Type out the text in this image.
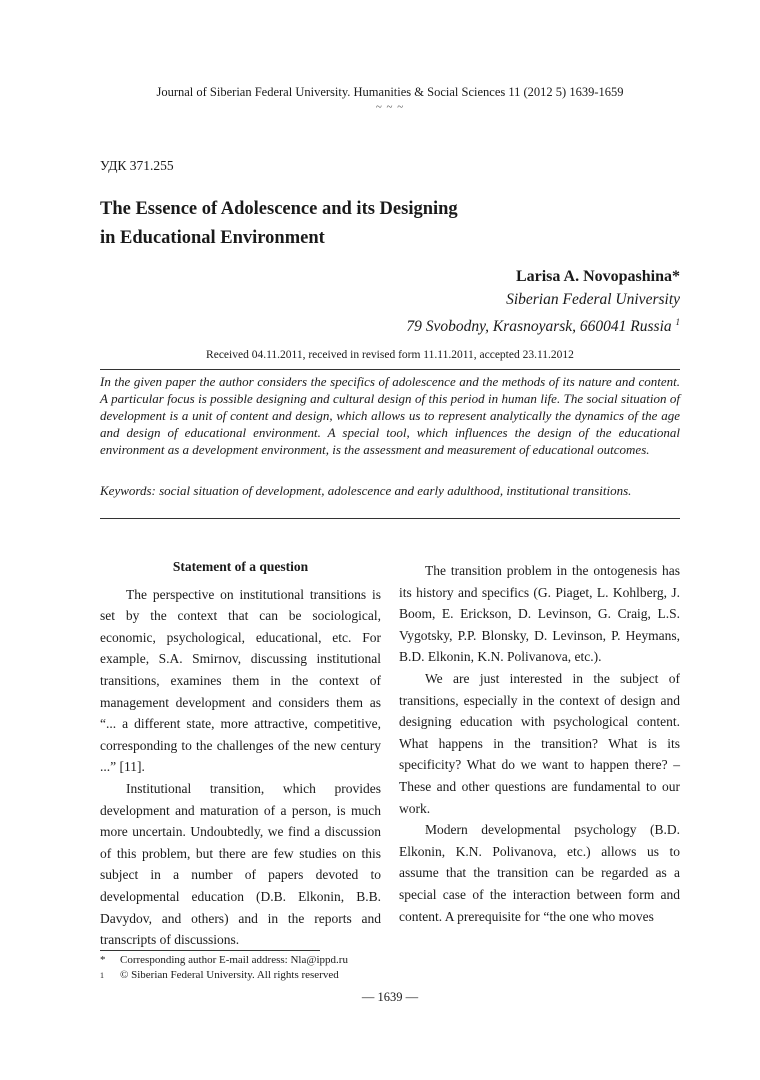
Journal of Siberian Federal University. Humanities & Social Sciences 11 (2012 5) 1639-1659
~ ~ ~
УДК 371.255
The Essence of Adolescence and its Designing
in Educational Environment
Larisa A. Novopashina*
Siberian Federal University
79 Svobodny, Krasnoyarsk, 660041 Russia $^1$
Received 04.11.2011, received in revised form 11.11.2011, accepted 23.11.2012
In the given paper the author considers the specifics of adolescence and the methods of its nature and content. A particular focus is possible designing and cultural design of this period in human life. The social situation of development is a unit of content and design, which allows us to represent analytically the dynamics of the age and design of educational environment. A special tool, which influences the design of the educational environment as a development environment, is the assessment and measurement of educational outcomes.
Keywords: social situation of development, adolescence and early adulthood, institutional transitions.
Statement of a question

The perspective on institutional transitions is set by the context that can be sociological, economic, psychological, educational, etc. For example, S.A. Smirnov, discussing institutional transitions, examines them in the context of management development and considers them as “... a different state, more attractive, competitive, corresponding to the challenges of the new century ...” [11].

Institutional transition, which provides development and maturation of a person, is much more uncertain. Undoubtedly, we find a discussion of this problem, but there are few studies on this subject in a number of papers devoted to developmental education (D.B. Elkonin, B.B. Davydov, and others) and in the reports and transcripts of discussions.

The transition problem in the ontogenesis has its history and specifics (G. Piaget, L. Kohlberg, J. Boom, E. Erickson, D. Levinson, G. Craig, L.S. Vygotsky, P.P. Blonsky, D. Levinson, P. Heymans, B.D. Elkonin, K.N. Polivanova, etc.).

We are just interested in the subject of transitions, especially in the context of design and designing education with psychological content. What happens in the transition? What is its specificity? What do we want to happen there? – These and other questions are fundamental to our work.

Modern developmental psychology (B.D. Elkonin, K.N. Polivanova, etc.) allows us to assume that the transition can be regarded as a special case of the interaction between form and content. A prerequisite for “the one who moves

*	Corresponding author E-mail address: Nla@ippd.ru
1	© Siberian Federal University. All rights reserved
— 1639 —
